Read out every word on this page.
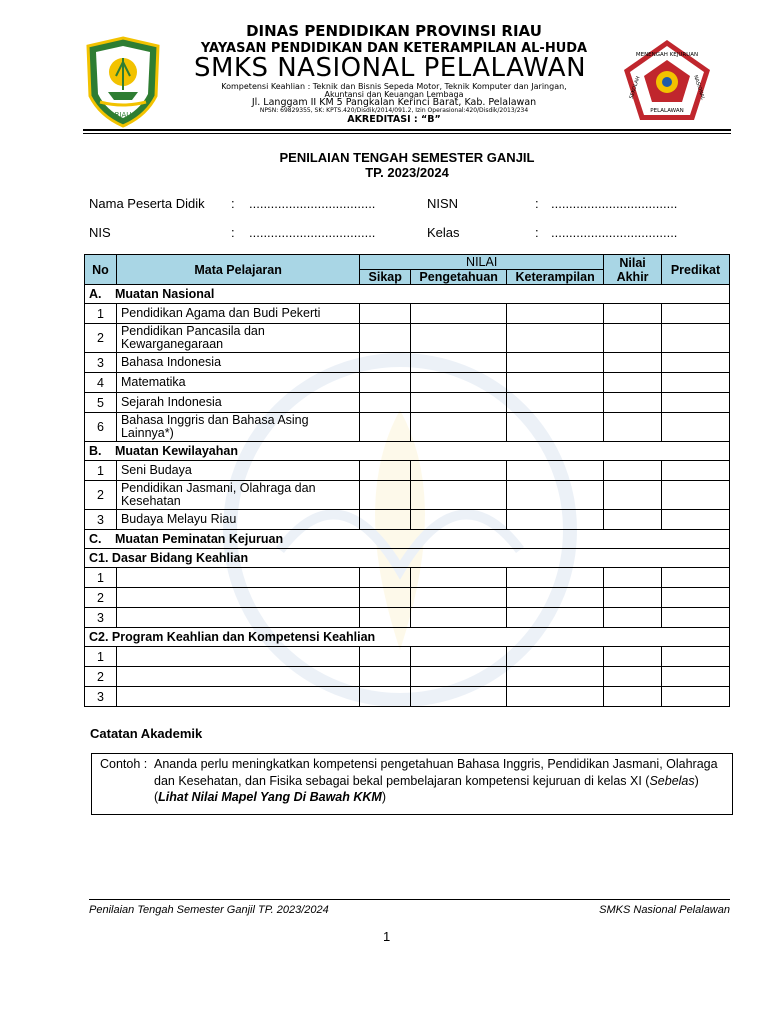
RIAU
MENENGAH KEJURUAN
SEKOLAH	NASIONAL
PELALAWAN
DINAS PENDIDIKAN PROVINSI RIAU
YAYASAN PENDIDIKAN DAN KETERAMPILAN AL-HUDA
SMKS NASIONAL PELALAWAN
Kompetensi Keahlian : Teknik dan Bisnis Sepeda Motor, Teknik Komputer dan Jaringan,
Akuntansi dan Keuangan Lembaga
Jl. Langgam II KM 5 Pangkalan Kerinci Barat, Kab. Pelalawan
NPSN: 69829355, SK: KPTS.420/Disdik/2014/091.2, Izin Operasional:420/Disdik/2013/234
AKREDITASI : “B”
PENILAIAN TENGAH SEMESTER GANJIL
TP. 2023/2024
Nama Peserta Didik : ...................................	NISN	: ...................................
NIS	: ...................................	Kelas	: ...................................
No	Mata Pelajaran	NILAI			Nilai Akhir	Predikat
		Sikap	Pengetahuan	Keterampilan		
A. Muatan Nasional						
1	Pendidikan Agama dan Budi Pekerti					
2	Pendidikan Pancasila dan Kewarganegaraan					
3	Bahasa Indonesia					
4	Matematika					
5	Sejarah Indonesia					
6	Bahasa Inggris dan Bahasa Asing Lainnya*)					
B. Muatan Kewilayahan						
1	Seni Budaya					
2	Pendidikan Jasmani, Olahraga dan Kesehatan					
3	Budaya Melayu Riau					
C. Muatan Peminatan Kejuruan						
C1. Dasar Bidang Keahlian						
1						
2						
3						
C2. Program Keahlian dan Kompetensi Keahlian						
1						
2						
3						
Catatan Akademik
Contoh : Ananda perlu meningkatkan kompetensi pengetahuan Bahasa Inggris, Pendidikan Jasmani, Olahraga
dan Kesehatan, dan Fisika sebagai bekal pembelajaran kompetensi kejuruan di kelas XI (Sebelas)
(Lihat Nilai Mapel Yang Di Bawah KKM)
Penilaian Tengah Semester Ganjil TP. 2023/2024	SMKS Nasional Pelalawan
1
